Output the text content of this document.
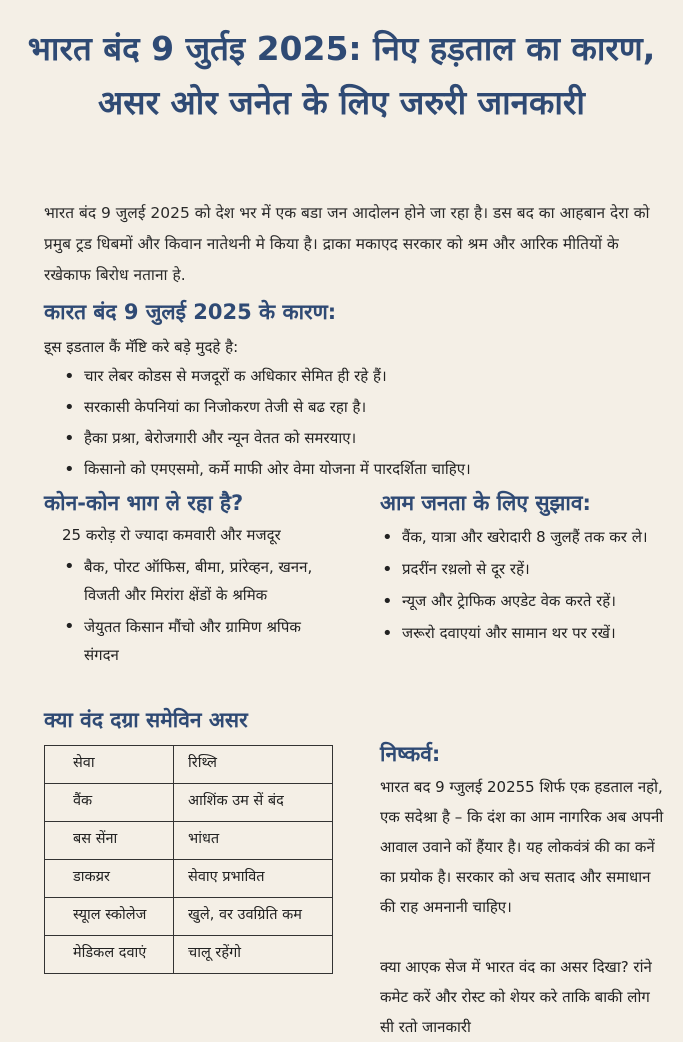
भारत बंद 9 जुर्तइ 2025: निए हड़ताल का कारण, असर ओर जनेत के लिए जरुरी जानकारी
भारत बंद 9 जुलई 2025 को देश भर में एक बडा जन आदोलन होने जा रहा है। डस बद का आहबान देरा को प्रमुब ट्रड धिबमों और किवान नातेथनी मे किया है। द्राका मकाएद सरकार को श्रम और आरिक मीतियों के रखेकाफ बिरोध नताना हे.
कारत बंद 9 जुलई 2025 के कारण:
इ्स इडताल कैं मॅष्टि करे बड़े मुदहे है:
• चार लेबर कोडस से मजदूरों क अधिकार सेमित ही रहे हैं।
• सरकासी केपनियां का निजोकरण तेजी से बढ रहा है।
• हैका प्रश्रा, बेरोजगारी और न्यून वेतत को समरयाए।
• किसानो को एमएसमो, कर्मे माफी ओर वेमा योजना में पारदर्शिता चाहिए।
कोन-कोन भाग ले रहा है?
25 करोड़ रो ज्यादा कमवारी और मजदूर
• बैक, पोरट ऑफिस, बीमा, प्रांरेव्हन, खनन, विजती और मिरांरा क्षेंडों के श्रमिक
• जेयुतत किसान मौंचो और ग्रामिण श्रपिक संगदन
आम जनता के लिए सुझाव:
• वैंक, यात्रा और खरेादारी 8 जुलहैं तक कर ले।
• प्रदरींन रथ़लो से दूर रहें।
• न्यूज और ट्रेाफिक अएडेट वेक करते रहें।
• जरूरो दवाएयां और सामान थर पर रखें।
क्या वंद दग्रा समेविन असर
सेवा	रिथ्लि
वैंक	आशिंक उम सें बंद
बस सेंना	भांधत
डाकय्रर	सेवाए प्रभावित
स्यूाल स्कोलेज	खुले, वर उवग्रिति कम
मेडिकल दवाएं	चालू रहेंगो
निष्कर्व:
भारत बद 9 ग्जुलई 20255 शिर्फ एक हडताल नहो, एक सदेश्रा है – कि दंश का आम नागरिक अब अपनी आवाल उवाने कों हैंयार है। यह लोकवंत्रं की का कनें का प्रयोक है। सरकार को अच सताद और समाधान की राह अमनानी चाहिए।
क्या आएक सेज में भारत वंद का असर दिखा? रांने कमेट करें और रोस्ट को शेयर करे ताकि बाकी लोग सी रतो जानकारी
